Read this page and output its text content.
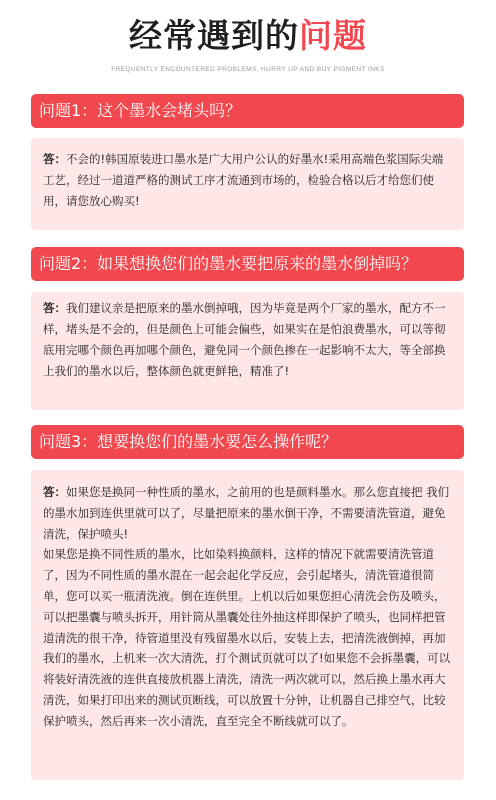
经常遇到的问题
FREQUENTLY ENCOUNTERED PROBLEMS, HURRY UP AND BUY PIGMENT INKS
问题1：这个墨水会堵头吗？

答：不会的!韩国原装进口墨水是广大用户公认的好墨水!采用高端色浆国际尖端工艺，经过一道道严格的测试工序才流通到市场的，检验合格以后才给您们使用，请您放心购买!

问题2：如果想换您们的墨水要把原来的墨水倒掉吗？

答：我们建议亲是把原来的墨水倒掉哦，因为毕竟是两个厂家的墨水，配方不一样，堵头是不会的，但是颜色上可能会偏些，如果实在是怕浪费墨水，可以等彻底用完哪个颜色再加哪个颜色，避免同一个颜色掺在一起影响不太大，等全部换上我们的墨水以后，整体颜色就更鲜艳，精准了!

问题3：想要换您们的墨水要怎么操作呢？

答：如果您是换同一种性质的墨水，之前用的也是颜料墨水。那么您直接把 我们的墨水加到连供里就可以了，尽量把原来的墨水倒干净，不需要清洗管道，避免清洗，保护喷头!

如果您是换不同性质的墨水，比如染料换颜料，这样的情况下就需要清洗管道了，因为不同性质的墨水混在一起会起化学反应，会引起堵头，清洗管道很简单，您可以买一瓶清洗液。倒在连供里。上机以后如果您担心清洗会伤及喷头，可以把墨囊与喷头拆开，用针筒从墨囊处往外抽这样即保护了喷头，也同样把管道清洗的很干净，待管道里没有残留墨水以后，安装上去，把清洗液倒掉，再加我们的墨水，上机来一次大清洗，打个测试页就可以了!如果您不会拆墨囊，可以将装好清洗液的连供直接放机器上清洗，清洗一两次就可以，然后换上墨水再大清洗，如果打印出来的测试页断线，可以放置十分钟，让机器自己排空气，比较保护喷头，然后再来一次小清洗，直至完全不断线就可以了。
